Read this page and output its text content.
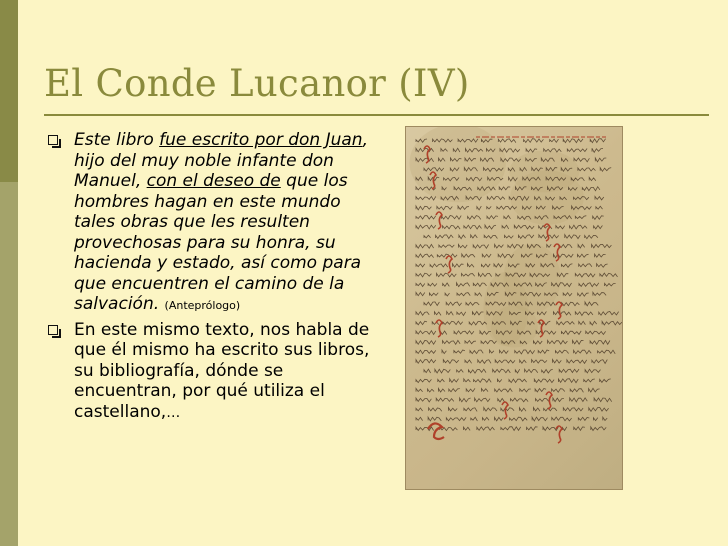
El Conde Lucanor (IV)
Este libro fue escrito por don Juan, hijo del muy noble infante don Manuel, con el deseo de que los hombres hagan en este mundo tales obras que les resulten provechosas para su honra, su hacienda y estado, así como para que encuentren el camino de la salvación. (Anteprólogo)
En este mismo texto, nos habla de que él mismo ha escrito sus libros, su bibliografía, dónde se encuentran, por qué utiliza el castellano,…
